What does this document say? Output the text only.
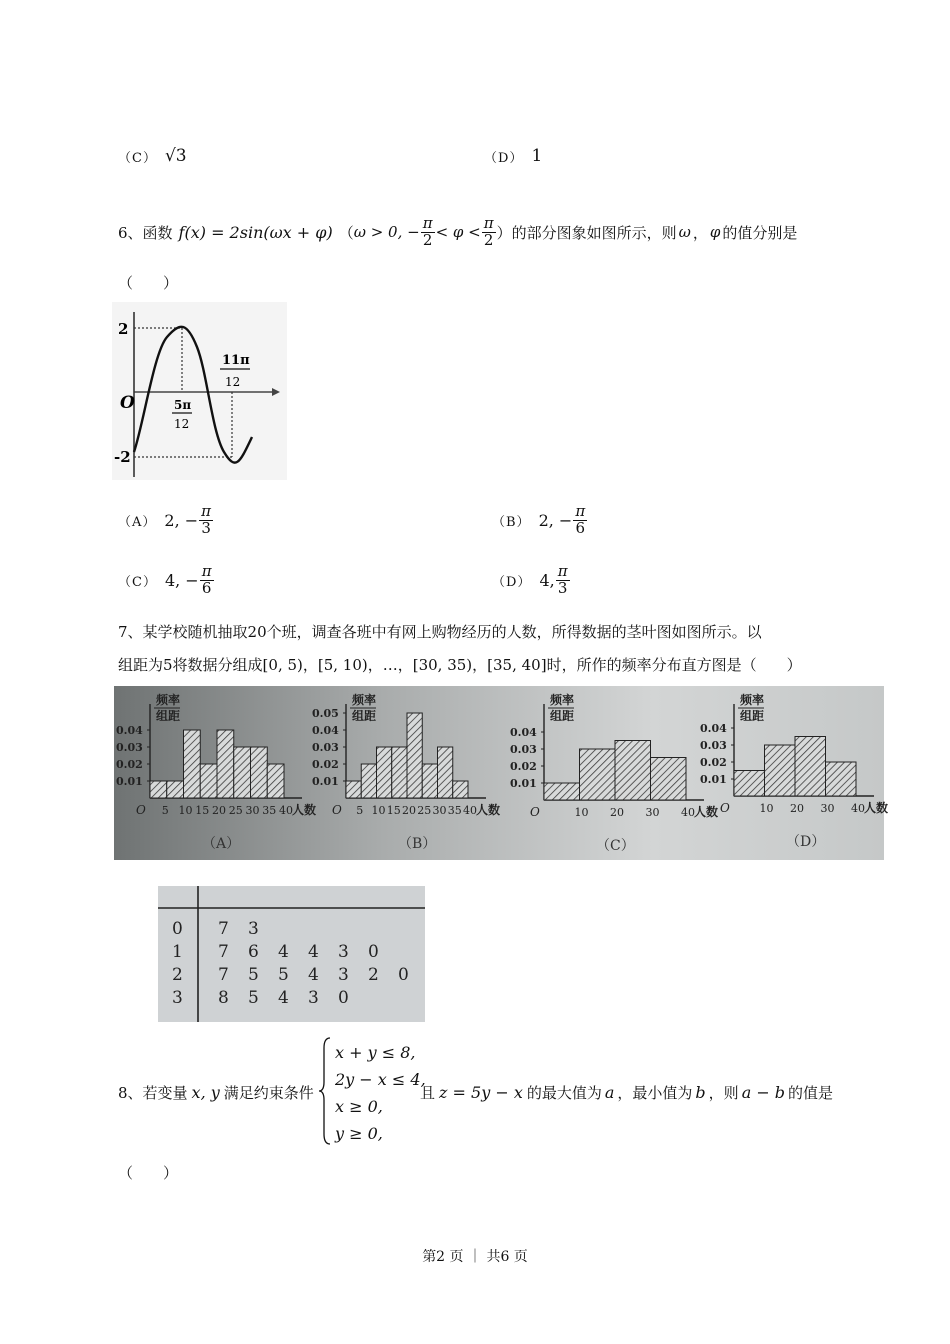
（C） √3	（D） 1
6、函数 f(x) = 2sin(ωx + φ) （ ω > 0, − $\frac{\pi}{2} < \varphi < \frac{\pi}{2}$ ） 的部分图象如图所示，则 ω ， φ 的值分别是
（　　）
2
-2
O	5π
12
11π
12
（A） 2, − $\frac{\pi}{3}$	（B） 2, − $\frac{\pi}{6}$
（C） 4, − $\frac{\pi}{6}$	（D） 4, $\frac{\pi}{3}$
7、某学校随机抽取20个班，调查各班中有网上购物经历的人数，所得数据的茎叶图如图所示。以
组距为5将数据分组成[0, 5)，[5, 10)，…，[30, 35)，[35, 40]时，所作的频率分布直方图是（　　）
频率
组距
0.04
0.03
0.02
0.01
5 10 15 20 25 30 35 40 人数
O
（A）
频率
组距
0.05
0.04
0.03
0.02
0.01
5 10 15 20 25 30 35 40 人数
O
（B）
频率
组距
0.04
0.03
0.02
0.01
10 20 30 40 人数
O
（C）
频率
组距
0.04
0.03
0.02
0.01
10 20 30 40 人数
O
（D）
0 7 3
1 7 6 4 4 3 0
2 7 5 5 4 3 2 0
3 8 5 4 3 0
8、若变量 x, y 满足约束条件
x + y ≤ 8,
2y − x ≤ 4,
x ≥ 0,
y ≥ 0,
且 z = 5y − x 的最大值为 a ，最小值为 b ，则 a − b 的值是
（　　）
第2 页 ｜ 共6 页
